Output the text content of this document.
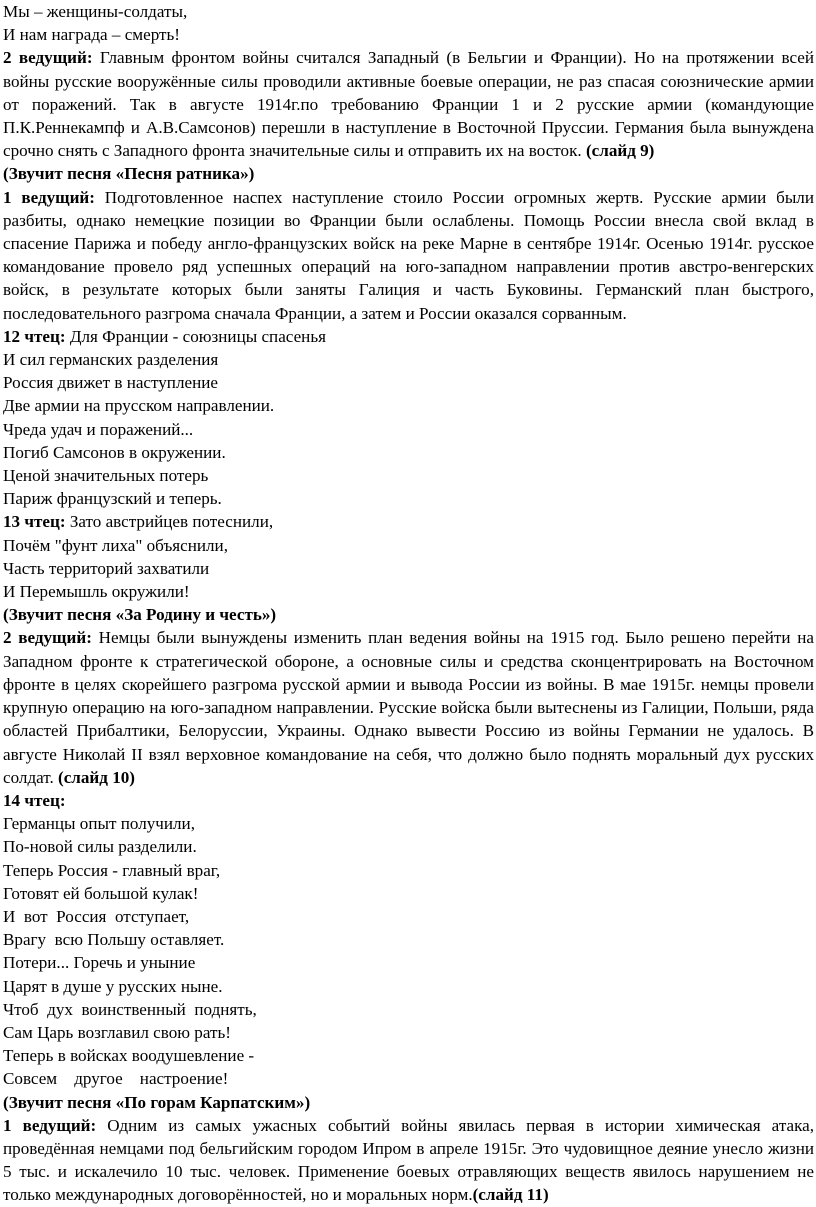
Мы – женщины-солдаты,
И нам награда – смерть!

2 ведущий: Главным фронтом войны считался Западный (в Бельгии и Франции). Но на протяжении всей войны русские вооружённые силы проводили активные боевые операции, не раз спасая союзнические армии от поражений. Так в августе 1914г.по требованию Франции 1 и 2 русские армии (командующие П.К.Реннекампф и А.В.Самсонов) перешли в наступление в Восточной Пруссии. Германия была вынуждена срочно снять с Западного фронта значительные силы и отправить их на восток. (слайд 9)

(Звучит песня «Песня ратника»)

1 ведущий: Подготовленное наспех наступление стоило России огромных жертв. Русские армии были разбиты, однако немецкие позиции во Франции были ослаблены. Помощь России внесла свой вклад в спасение Парижа и победу англо-французских войск на реке Марне в сентябре 1914г. Осенью 1914г. русское командование провело ряд успешных операций на юго-западном направлении против австро-венгерских войск, в результате которых были заняты Галиция и часть Буковины. Германский план быстрого, последовательного разгрома сначала Франции, а затем и России оказался сорванным.

12 чтец: Для Франции - союзницы спасенья
И сил германских разделения
Россия движет в наступление
Две армии на прусском направлении.
Чреда удач и поражений...
Погиб Самсонов в окружении.
Ценой значительных потерь
Париж французский и теперь.
13 чтец: Зато австрийцев потеснили,
Почём "фунт лиха" объяснили,
Часть территорий захватили
И Перемышль окружили!
(Звучит песня «За Родину и честь»)

2 ведущий: Немцы были вынуждены изменить план ведения войны на 1915 год. Было решено перейти на Западном фронте к стратегической обороне, а основные силы и средства сконцентрировать на Восточном фронте в целях скорейшего разгрома русской армии и вывода России из войны. В мае 1915г. немцы провели крупную операцию на юго-западном направлении. Русские войска были вытеснены из Галиции, Польши, ряда областей Прибалтики, Белоруссии, Украины. Однако вывести Россию из войны Германии не удалось. В августе Николай II взял верховное командование на себя, что должно было поднять моральный дух русских солдат. (слайд 10)

14 чтец:
Германцы опыт получили,
По-новой силы разделили.
Теперь Россия - главный враг,
Готовят ей большой кулак!
И  вот  Россия  отступает,
Врагу  всю Польшу оставляет.
Потери... Горечь и уныние
Царят в душе у русских ныне.
Чтоб  дух  воинственный  поднять,
Сам Царь возглавил свою рать!
Теперь в войсках воодушевление -
Совсем    другое    настроение!
(Звучит песня «По горам Карпатским»)

1 ведущий: Одним из самых ужасных событий войны явилась первая в истории химическая атака, проведённая немцами под бельгийским городом Ипром в апреле 1915г. Это чудовищное деяние унесло жизни 5 тыс. и искалечило 10 тыс. человек. Применение боевых отравляющих веществ явилось нарушением не только международных договорённостей, но и моральных норм.(слайд 11)
